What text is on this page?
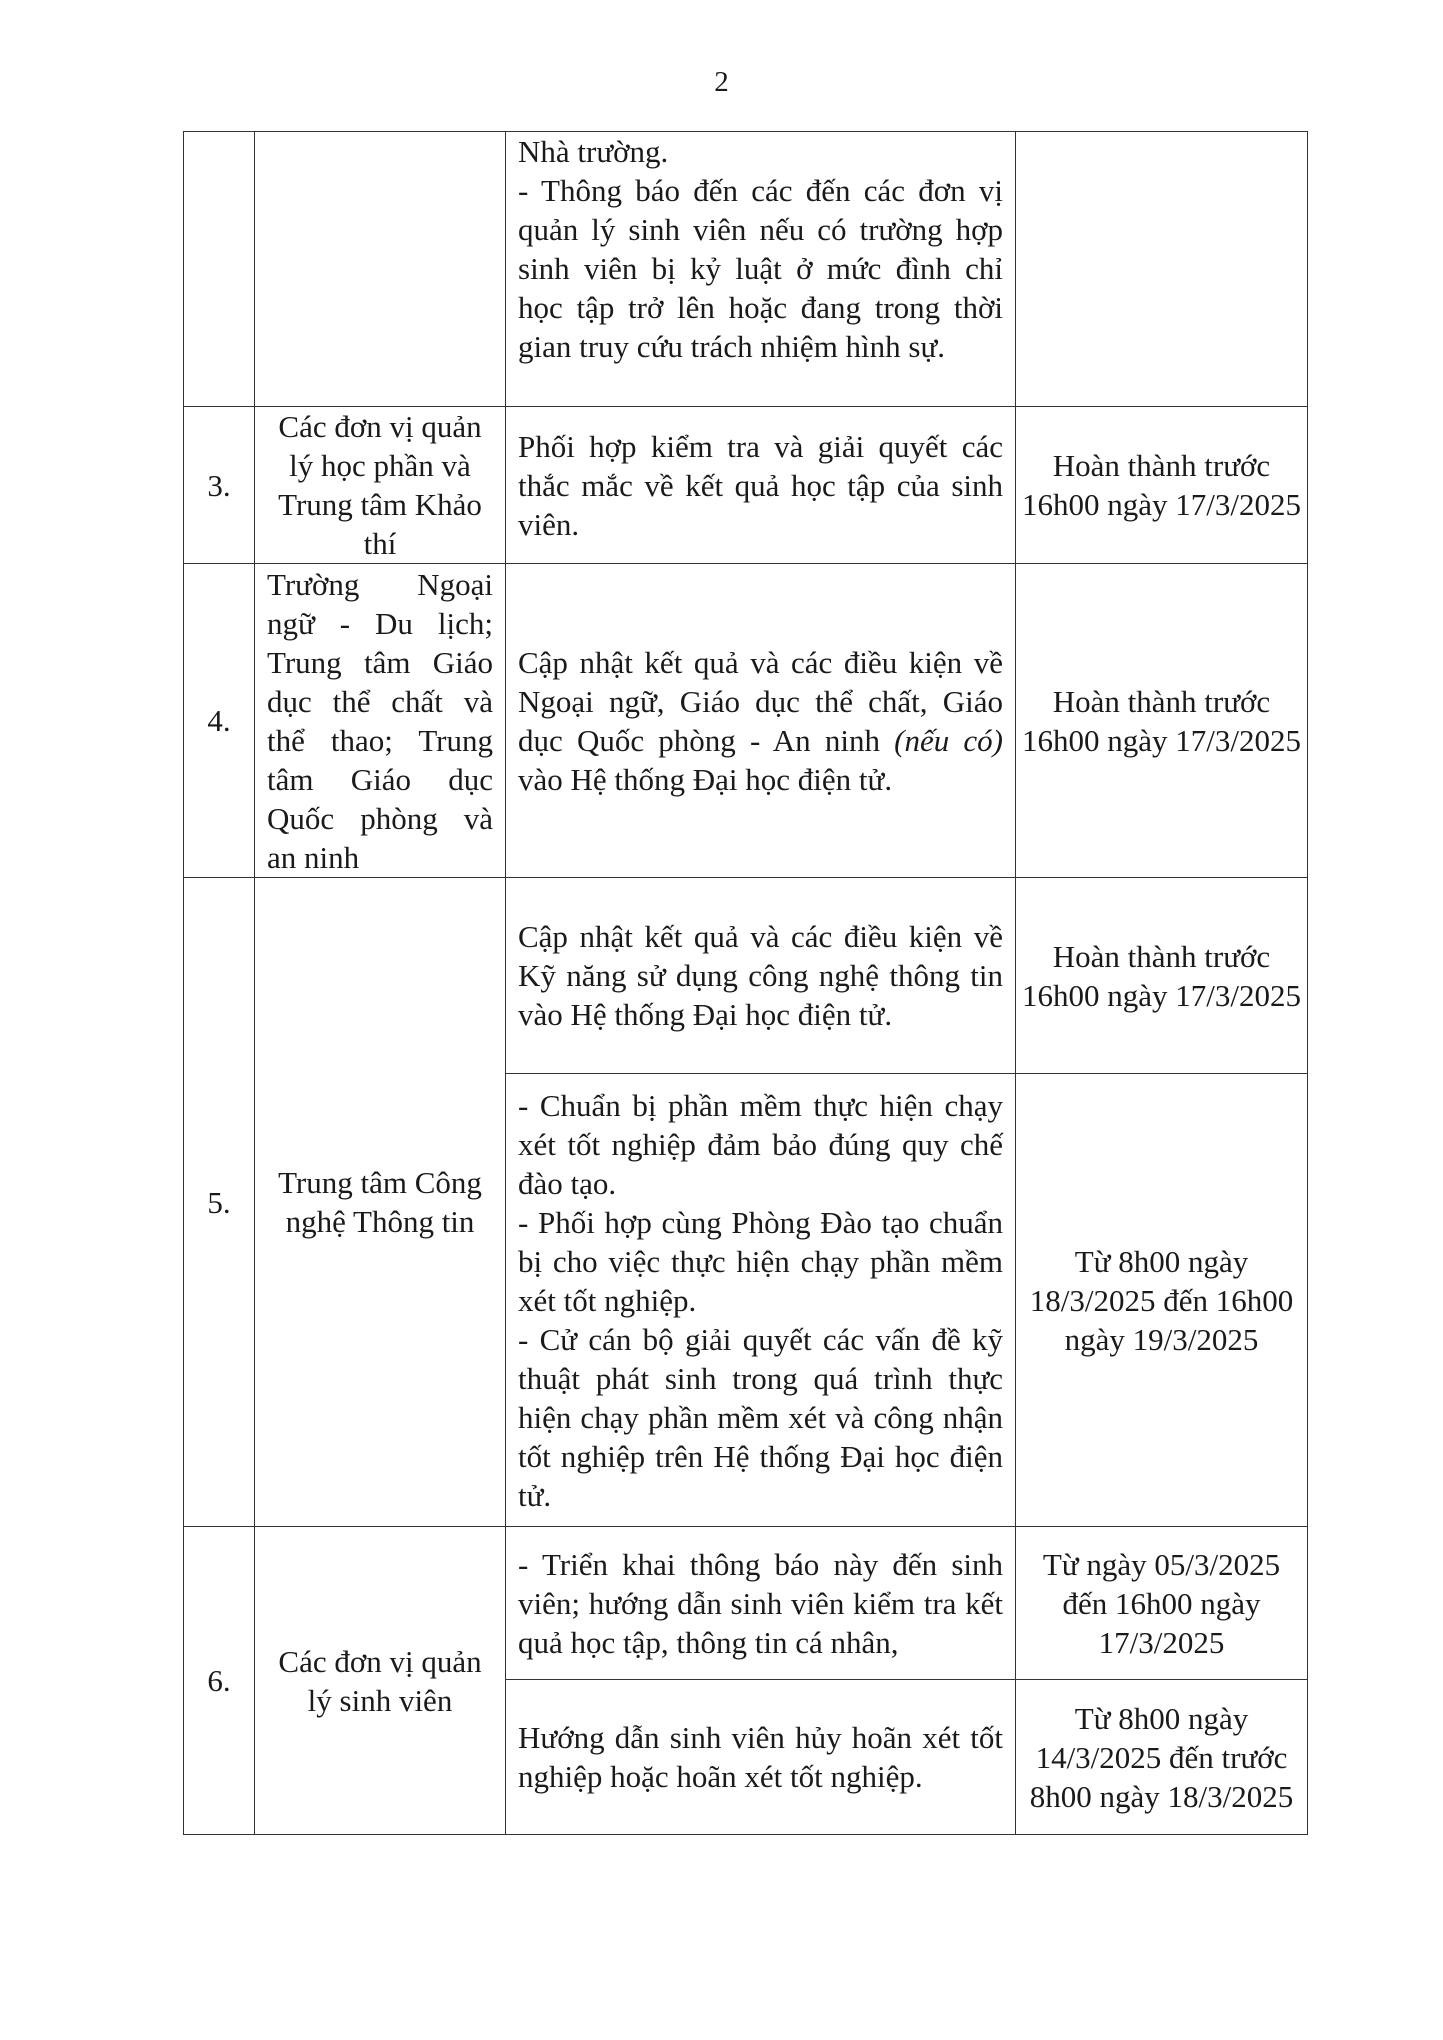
2

		Nhà trường.
- Thông báo đến các đến các đơn vị quản lý sinh viên nếu có trường hợp sinh viên bị kỷ luật ở mức đình chỉ học tập trở lên hoặc đang trong thời gian truy cứu trách nhiệm hình sự.	

3.	Các đơn vị quản lý học phần và Trung tâm Khảo thí	Phối hợp kiểm tra và giải quyết các thắc mắc về kết quả học tập của sinh viên.	Hoàn thành trước 16h00 ngày 17/3/2025
4.	Trường Ngoại ngữ - Du lịch; Trung tâm Giáo dục thể chất và thể thao; Trung tâm Giáo dục Quốc phòng và an ninh	Cập nhật kết quả và các điều kiện về Ngoại ngữ, Giáo dục thể chất, Giáo dục Quốc phòng - An ninh (nếu có) vào Hệ thống Đại học điện tử.	Hoàn thành trước 16h00 ngày 17/3/2025
5.	Trung tâm Công nghệ Thông tin	Cập nhật kết quả và các điều kiện về Kỹ năng sử dụng công nghệ thông tin vào Hệ thống Đại học điện tử.	Hoàn thành trước 16h00 ngày 17/3/2025

		- Chuẩn bị phần mềm thực hiện chạy xét tốt nghiệp đảm bảo đúng quy chế đào tạo.
- Phối hợp cùng Phòng Đào tạo chuẩn bị cho việc thực hiện chạy phần mềm xét tốt nghiệp.
- Cử cán bộ giải quyết các vấn đề kỹ thuật phát sinh trong quá trình thực hiện chạy phần mềm xét và công nhận tốt nghiệp trên Hệ thống Đại học điện tử.	Từ 8h00 ngày 18/3/2025 đến 16h00 ngày 19/3/2025
6.	Các đơn vị quản lý sinh viên	- Triển khai thông báo này đến sinh viên; hướng dẫn sinh viên kiểm tra kết quả học tập, thông tin cá nhân,	Từ ngày 05/3/2025 đến 16h00 ngày 17/3/2025

		Hướng dẫn sinh viên hủy hoãn xét tốt nghiệp hoặc hoãn xét tốt nghiệp.	Từ 8h00 ngày 14/3/2025 đến trước 8h00 ngày 18/3/2025
